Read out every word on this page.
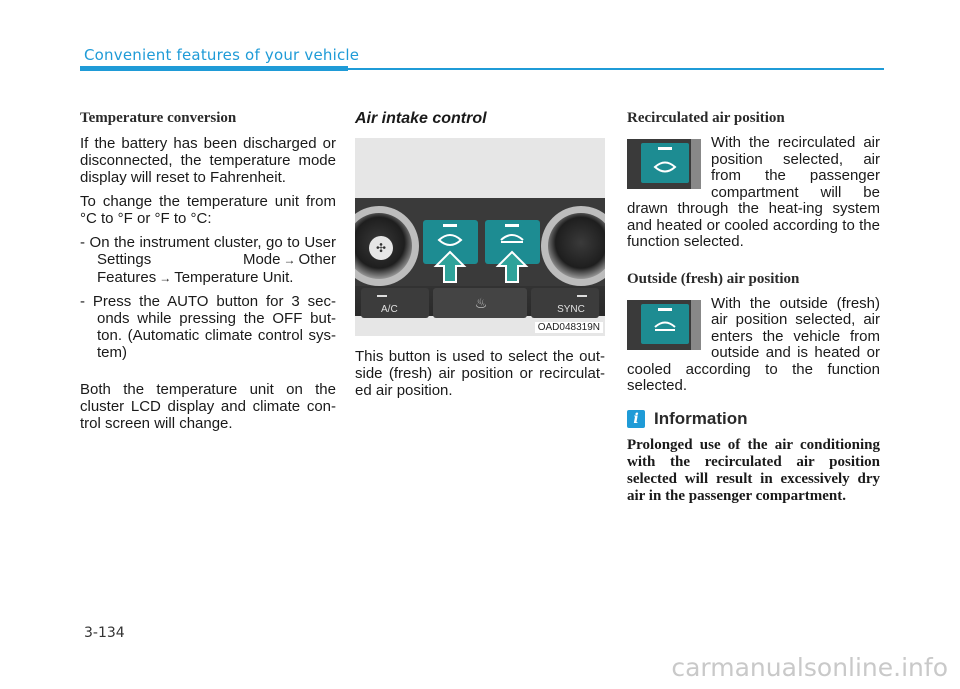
Convenient features of your vehicle
Temperature conversion

If the battery has been discharged or disconnected, the temperature mode display will reset to Fahrenheit.

To change the temperature unit from °C to °F or °F to °C:

- On the instrument cluster, go to User Settings Mode → Other Features → Temperature Unit.
- Press the AUTO button for 3 sec-onds while pressing the OFF but-ton. (Automatic climate control sys-tem)

Both the temperature unit on the cluster LCD display and climate con-trol screen will change.

Air intake control
✣
A/C	SYNC
♨
OAD048319N

This button is used to select the out-side (fresh) air position or recirculat-ed air position.

Recirculated air position

With the recirculated air position selected, air from the passenger compartment will be drawn through the heat-ing system and heated or cooled according to the function selected.

Outside (fresh) air position

With the outside (fresh) air position selected, air enters the vehicle from outside and is heated or cooled according to the function selected.

i Information

Prolonged use of the air conditioning with the recirculated air position selected will result in excessively dry air in the passenger compartment.

3-134
carmanualsonline.info
